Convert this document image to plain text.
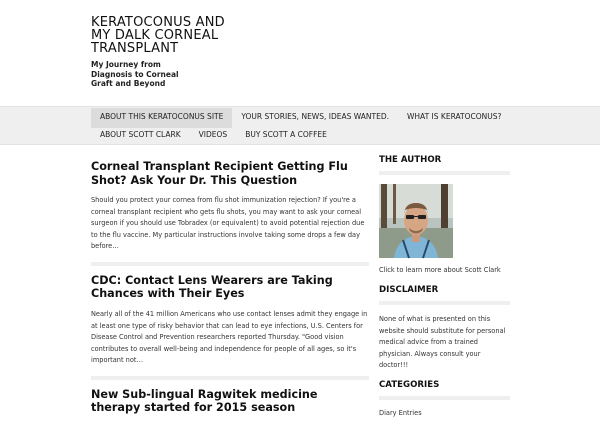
KERATOCONUS AND MY DALK CORNEAL TRANSPLANT
My Journey from Diagnosis to Corneal Graft and Beyond
ABOUT THIS KERATOCONUS SITE	YOUR STORIES, NEWS, IDEAS WANTED.	WHAT IS KERATOCONUS?
ABOUT SCOTT CLARK	VIDEOS	BUY SCOTT A COFFEE
Corneal Transplant Recipient Getting Flu Shot? Ask Your Dr. This Question

Should you protect your cornea from flu shot immunization rejection? If you're a corneal transplant recipient who gets flu shots, you may want to ask your corneal surgeon if you should use Tobradex (or equivalent) to avoid potential rejection due to the flu vaccine. My particular instructions involve taking some drops a few day before…

CDC: Contact Lens Wearers are Taking Chances with Their Eyes

Nearly all of the 41 million Americans who use contact lenses admit they engage in at least one type of risky behavior that can lead to eye infections, U.S. Centers for Disease Control and Prevention researchers reported Thursday. "Good vision contributes to overall well-being and independence for people of all ages, so it's important not…

New Sub-lingual Ragwitek medicine therapy started for 2015 season
THE AUTHOR
Click to learn more about Scott Clark
DISCLAIMER

None of what is presented on this website should substitute for personal medical advice from a trained physician. Always consult your doctor!!!

CATEGORIES
Diary Entries
